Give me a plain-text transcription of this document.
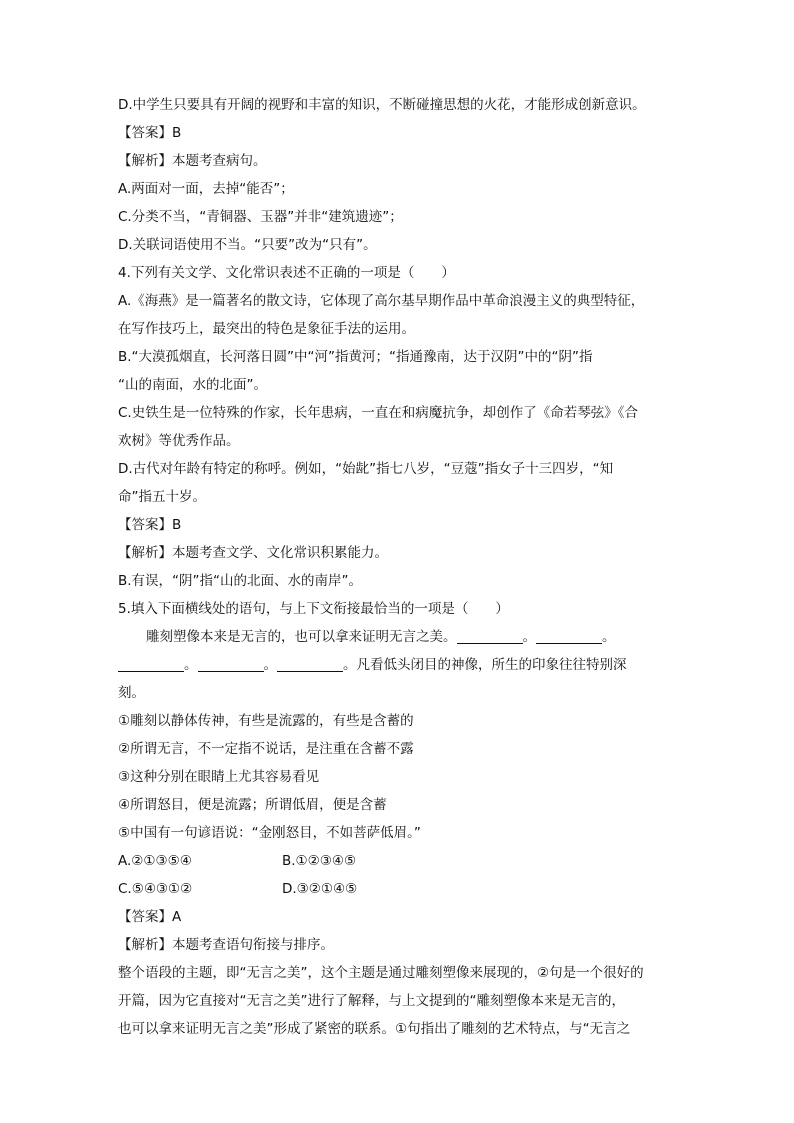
D.中学生只要具有开阔的视野和丰富的知识，不断碰撞思想的火花，才能形成创新意识。
【答案】B
【解析】本题考查病句。
A.两面对一面，去掉“能否”；
C.分类不当，“青铜器、玉器”并非“建筑遗迹”；
D.关联词语使用不当。“只要”改为“只有”。
4.下列有关文学、文化常识表述不正确的一项是（　　）
A.《海燕》是一篇著名的散文诗，它体现了高尔基早期作品中革命浪漫主义的典型特征，
在写作技巧上，最突出的特色是象征手法的运用。
B.“大漠孤烟直，长河落日圆”中“河”指黄河；“指通豫南，达于汉阴”中的“阴”指
“山的南面，水的北面”。
C.史铁生是一位特殊的作家，长年患病，一直在和病魔抗争，却创作了《命若琴弦》《合
欢树》等优秀作品。
D.古代对年龄有特定的称呼。例如，“始龀”指七八岁，“豆蔻”指女子十三四岁，“知
命”指五十岁。
【答案】B
【解析】本题考查文学、文化常识积累能力。
B.有误，“阴”指“山的北面、水的南岸”。
5.填入下面横线处的语句，与上下文衔接最恰当的一项是（　　）
雕刻塑像本来是无言的，也可以拿来证明无言之美。	。	。
。	。	。凡看低头闭目的神像，所生的印象往往特别深
刻。
①雕刻以静体传神，有些是流露的，有些是含蓄的
②所谓无言，不一定指不说话，是注重在含蓄不露
③这种分别在眼睛上尤其容易看见
④所谓怒目，便是流露；所谓低眉，便是含蓄
⑤中国有一句谚语说：“金刚怒目，不如菩萨低眉。”
A.②①③⑤④	B.①②③④⑤
C.⑤④③①②	D.③②①④⑤
【答案】A
【解析】本题考查语句衔接与排序。
整个语段的主题，即“无言之美”，这个主题是通过雕刻塑像来展现的，②句是一个很好的
开篇，因为它直接对“无言之美”进行了解释，与上文提到的“雕刻塑像本来是无言的，
也可以拿来证明无言之美”形成了紧密的联系。①句指出了雕刻的艺术特点，与“无言之
